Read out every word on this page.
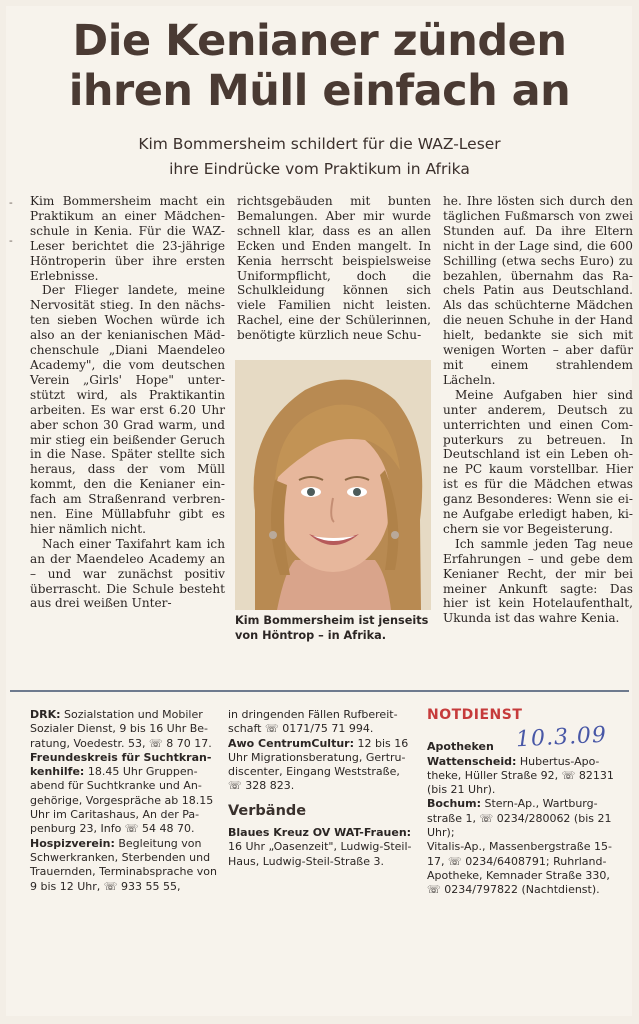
Die Kenianer zünden
ihren Müll einfach an

Kim Bommersheim schildert für die WAZ-Leser

ihre Eindrücke vom Praktikum in Afrika

-
-

Kim Bommersheim macht ein Praktikum an einer Mädchenschule in Kenia. Für die WAZ-Leser berichtet die 23-jährige Höntroperin über ihre ersten Erlebnisse.

Der Flieger landete, meine Nervosität stieg. In den nächsten sieben Wochen würde ich also an der kenianischen Mädchenschule „Diani Maendeleo Academy", die vom deutschen Verein „Girls' Hope" unterstützt wird, als Praktikantin arbeiten. Es war erst 6.20 Uhr aber schon 30 Grad warm, und mir stieg ein beißender Geruch in die Nase. Später stellte sich heraus, dass der vom Müll kommt, den die Kenianer einfach am Straßenrand verbrennen. Eine Müllabfuhr gibt es hier nämlich nicht.

Nach einer Taxifahrt kam ich an der Maendeleo Academy an – und war zunächst positiv überrascht. Die Schule besteht aus drei weißen Unter-

richtsgebäuden mit bunten Bemalungen. Aber mir wurde schnell klar, dass es an allen Ecken und Enden mangelt. In Kenia herrscht beispielsweise Uniformpflicht, doch die Schulkleidung können sich viele Familien nicht leisten. Rachel, eine der Schülerinnen, benötigte kürzlich neue Schu-

Kim Bommersheim ist jenseits von Höntrop – in Afrika.

he. Ihre lösten sich durch den täglichen Fußmarsch von zwei Stunden auf. Da ihre Eltern nicht in der Lage sind, die 600 Schilling (etwa sechs Euro) zu bezahlen, übernahm das Rachels Patin aus Deutschland. Als das schüchterne Mädchen die neuen Schuhe in der Hand hielt, bedankte sie sich mit wenigen Worten – aber dafür mit einem strahlendem Lächeln.

Meine Aufgaben hier sind unter anderem, Deutsch zu unterrichten und einen Computerkurs zu betreuen. In Deutschland ist ein Leben ohne PC kaum vorstellbar. Hier ist es für die Mädchen etwas ganz Besonderes: Wenn sie eine Aufgabe erledigt haben, kichern sie vor Begeisterung.

Ich sammle jeden Tag neue Erfahrungen – und gebe dem Kenianer Recht, der mir bei meiner Ankunft sagte: Das hier ist kein Hotelaufenthalt, Ukunda ist das wahre Kenia.

DRK: Sozialstation und Mobiler Sozialer Dienst, 9 bis 16 Uhr Beratung, Voedestr. 53, ☏ 8 70 17.

Freundeskreis für Suchtkrankenhilfe: 18.45 Uhr Gruppenabend für Suchtkranke und Angehörige, Vorgespräche ab 18.15 Uhr im Caritashaus, An der Papenburg 23, Info ☏ 54 48 70.

Hospizverein: Begleitung von Schwerkranken, Sterbenden und Trauernden, Terminabsprache von 9 bis 12 Uhr, ☏ 933 55 55,

in dringenden Fällen Rufbereitschaft ☏ 0171/75 71 994.

Awo CentrumCultur: 12 bis 16 Uhr Migrationsberatung, Gertrudiscenter, Eingang Weststraße, ☏ 328 823.

Verbände

Blaues Kreuz OV WAT-Frauen: 16 Uhr „Oasenzeit", Ludwig-Steil-Haus, Ludwig-Steil-Straße 3.

NOTDIENST

Apotheken

Wattenscheid: Hubertus-Apotheke, Hüller Straße 92, ☏ 82131 (bis 21 Uhr).

Bochum: Stern-Ap., Wartburgstraße 1, ☏ 0234/280062 (bis 21 Uhr);

Vitalis-Ap., Massenbergstraße 15-17, ☏ 0234/6408791; Ruhrland-Apotheke, Kemnader Straße 330, ☏ 0234/797822 (Nachtdienst).

10.3.09
